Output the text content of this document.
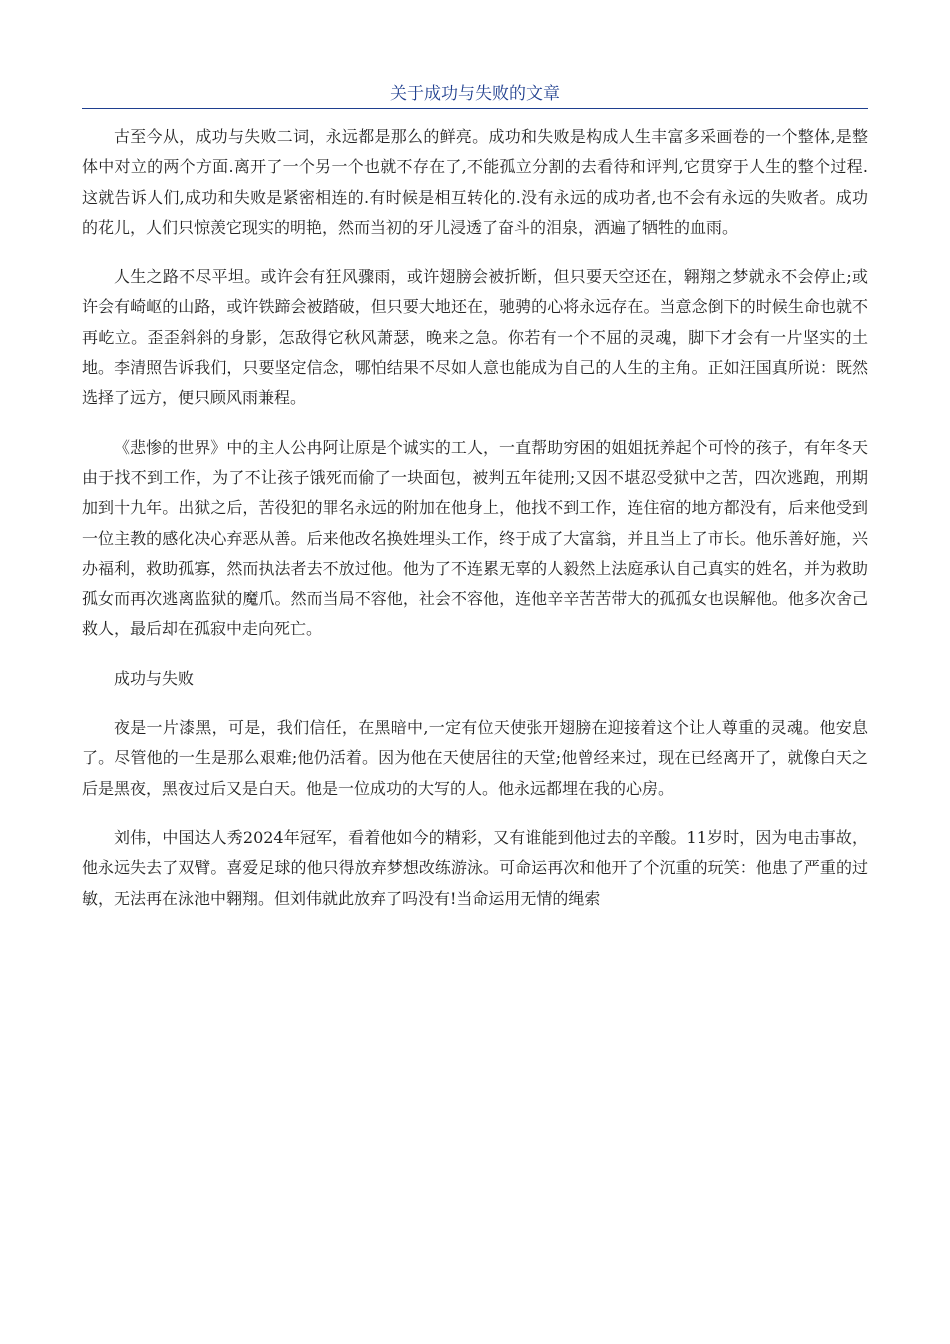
关于成功与失败的文章

古至今从，成功与失败二词，永远都是那么的鲜亮。成功和失败是构成人生丰富多采画卷的一个整体,是整体中对立的两个方面.离开了一个另一个也就不存在了,不能孤立分割的去看待和评判,它贯穿于人生的整个过程.这就告诉人们,成功和失败是紧密相连的.有时候是相互转化的.没有永远的成功者,也不会有永远的失败者。成功的花儿，人们只惊羡它现实的明艳，然而当初的牙儿浸透了奋斗的泪泉，洒遍了牺牲的血雨。

人生之路不尽平坦。或许会有狂风骤雨，或许翅膀会被折断，但只要天空还在，翱翔之梦就永不会停止;或许会有崎岖的山路，或许铁蹄会被踏破，但只要大地还在，驰骋的心将永远存在。当意念倒下的时候生命也就不再屹立。歪歪斜斜的身影，怎敌得它秋风萧瑟，晚来之急。你若有一个不屈的灵魂，脚下才会有一片坚实的土地。李清照告诉我们，只要坚定信念，哪怕结果不尽如人意也能成为自己的人生的主角。正如汪国真所说：既然选择了远方，便只顾风雨兼程。

《悲惨的世界》中的主人公冉阿让原是个诚实的工人，一直帮助穷困的姐姐抚养起个可怜的孩子，有年冬天由于找不到工作，为了不让孩子饿死而偷了一块面包，被判五年徒刑;又因不堪忍受狱中之苦，四次逃跑，刑期加到十九年。出狱之后，苦役犯的罪名永远的附加在他身上，他找不到工作，连住宿的地方都没有，后来他受到一位主教的感化决心弃恶从善。后来他改名换姓埋头工作，终于成了大富翁，并且当上了市长。他乐善好施，兴办福利，救助孤寡，然而执法者去不放过他。他为了不连累无辜的人毅然上法庭承认自己真实的姓名，并为救助孤女而再次逃离监狱的魔爪。然而当局不容他，社会不容他，连他辛辛苦苦带大的孤孤女也误解他。他多次舍己救人，最后却在孤寂中走向死亡。

成功与失败

夜是一片漆黑，可是，我们信任，在黑暗中,一定有位天使张开翅膀在迎接着这个让人尊重的灵魂。他安息了。尽管他的一生是那么艰难;他仍活着。因为他在天使居往的天堂;他曾经来过，现在已经离开了，就像白天之后是黑夜，黑夜过后又是白天。他是一位成功的大写的人。他永远都埋在我的心房。

刘伟，中国达人秀2024年冠军，看着他如今的精彩，又有谁能到他过去的辛酸。11岁时，因为电击事故，他永远失去了双臂。喜爱足球的他只得放弃梦想改练游泳。可命运再次和他开了个沉重的玩笑：他患了严重的过敏，无法再在泳池中翱翔。但刘伟就此放弃了吗没有!当命运用无情的绳索
